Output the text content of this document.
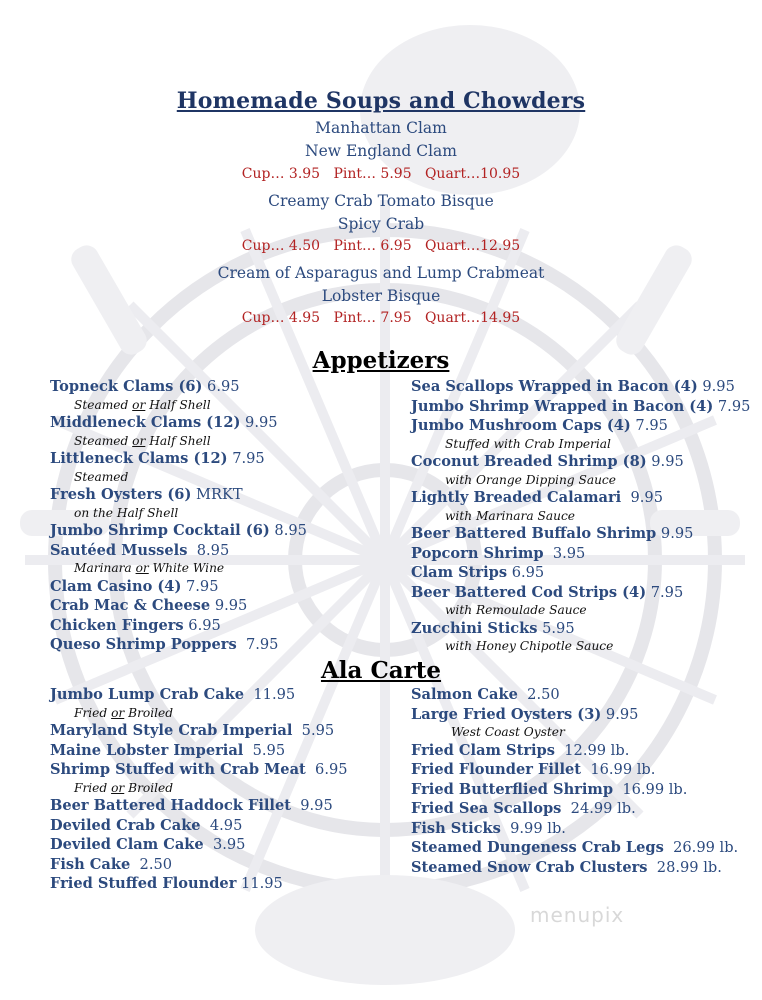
Homemade Soups and Chowders
Manhattan Clam
New England Clam
Cup… 3.95   Pint… 5.95   Quart…10.95
Creamy Crab Tomato Bisque
Spicy Crab
Cup… 4.50   Pint… 6.95   Quart…12.95
Cream of Asparagus and Lump Crabmeat
Lobster Bisque
Cup… 4.95   Pint… 7.95   Quart…14.95
Appetizers
Topneck Clams (6) 6.95
Steamed or Half Shell
Middleneck Clams (12) 9.95
Steamed or Half Shell
Littleneck Clams (12) 7.95
Steamed
Fresh Oysters (6) MRKT
on the Half Shell
Jumbo Shrimp Cocktail (6) 8.95
Sautéed Mussels  8.95
Marinara or White Wine
Clam Casino (4) 7.95
Crab Mac & Cheese 9.95
Chicken Fingers 6.95
Queso Shrimp Poppers  7.95
Sea Scallops Wrapped in Bacon (4) 9.95
Jumbo Shrimp Wrapped in Bacon (4) 7.95
Jumbo Mushroom Caps (4) 7.95
Stuffed with Crab Imperial
Coconut Breaded Shrimp (8) 9.95
with Orange Dipping Sauce
Lightly Breaded Calamari  9.95
with Marinara Sauce
Beer Battered Buffalo Shrimp 9.95
Popcorn Shrimp  3.95
Clam Strips 6.95
Beer Battered Cod Strips (4) 7.95
with Remoulade Sauce
Zucchini Sticks 5.95
with Honey Chipotle Sauce
Ala Carte
Jumbo Lump Crab Cake  11.95
Fried or Broiled
Maryland Style Crab Imperial  5.95
Maine Lobster Imperial  5.95
Shrimp Stuffed with Crab Meat  6.95
Fried or Broiled
Beer Battered Haddock Fillet  9.95
Deviled Crab Cake  4.95
Deviled Clam Cake  3.95
Fish Cake  2.50
Fried Stuffed Flounder 11.95
Salmon Cake  2.50
Large Fried Oysters (3) 9.95
West Coast Oyster
Fried Clam Strips  12.99 lb.
Fried Flounder Fillet  16.99 lb.
Fried Butterflied Shrimp  16.99 lb.
Fried Sea Scallops  24.99 lb.
Fish Sticks  9.99 lb.
Steamed Dungeness Crab Legs  26.99 lb.
Steamed Snow Crab Clusters  28.99 lb.
menupix
